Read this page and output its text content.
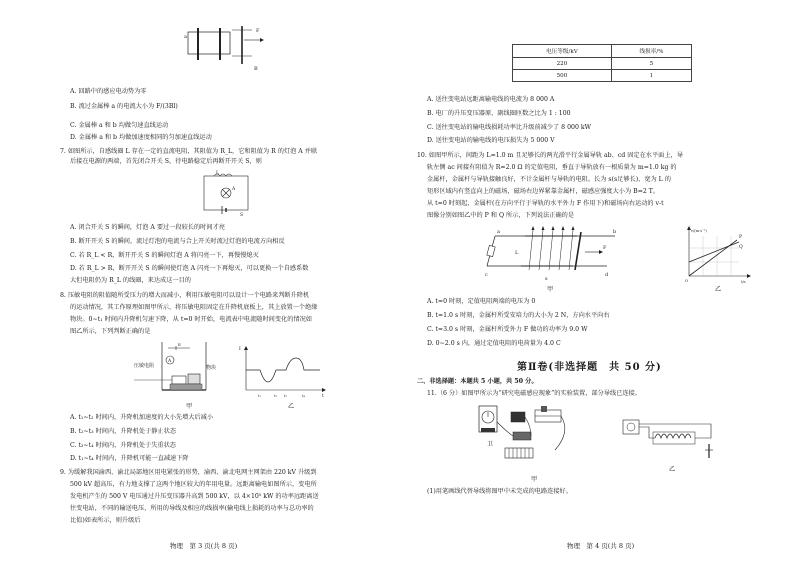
a
B
F
A. 回路中的感应电动势为零
B. 流过金属棒 a 的电流大小为 F/(3Bl)
C. 金属棒 a 和 b 均做匀速直线运动
D. 金属棒 a 和 b 均做加速度相同的匀加速直线运动
7. 如图所示，自感线圈 L 存在一定的直流电阻，其阻值为 R_L，它和阻值为 R 的灯泡 A 并联
后接在电源的两端，首先闭合开关 S，待电路稳定后再断开开关 S，则
L
A
S
A. 闭合开关 S 的瞬间，灯泡 A 要过一段较长的时间才亮
B. 断开开关 S 的瞬间，流过灯泡的电流与合上开关时流过灯泡的电流方向相反
C. 若 R_L < R，断开开关 S 的瞬间灯泡 A 将闪亮一下，再慢慢熄灭
D. 若 R_L > R，断开开关 S 的瞬间使灯泡 A 闪亮一下再熄灭，可以更换一个自感系数
大但电阻仍为 R_L 的线圈，来达成这一目的
8. 压敏电阻的阻值随所受压力的增大而减小，利用压敏电阻可以设计一个电路来判断升降机
的运动情况，其工作原理如图甲所示，将压敏电阻固定在升降机底板上，其上放置一个绝缘
物块。0~t₁ 时间内升降机匀速下降，从 t=0 时开始，电流表中电流随时间变化的情况如
图乙所示，下列判断正确的是
A
E
压敏电阻	物块
甲
I
t
t₁	t₂ t₃	t₄
乙
A. t₁~t₂ 时间内，升降机加速度的大小先增大后减小
B. t₂~t₃ 时间内，升降机处于静止状态
C. t₃~t₄ 时间内，升降机处于失重状态
D. t₁~t₄ 时间内，升降机可能一直减速下降
9. 为缓解我国渝西、渝北局部地区用电紧张的形势，渝西、渝北电网主网架由 220 kV 升级到
500 kV 超高压，有力地支撑了这两个地区较大的年用电量。远距离输电如图所示，变电所
发电机产生的 500 V 电压通过升压变压器升高到 500 kV，以 4×10⁵ kW 的功率远距离送
往变电站，不同的输送电压，所用的导线及相应的线损率(输电线上损耗的功率与总功率的
比值)如表所示，则升级后
物理　第 3 页(共 8 页)
电压等级/kV	线损率/%
220	5
500	1
A. 送往变电站远距离输电线的电流为 8 000 A
B. 电厂的升压变压器原、副线圈匝数之比为 1 : 100
C. 送往变电站的输电线损耗功率比升级前减少了 8 000 kW
D. 送往变电站的输电线的电压损失为 5 000 V
10. 如图甲所示，间距为 L=1.0 m 且足够长的两光滑平行金属导轨 ab、cd 固定在水平面上，导
轨左侧 ac 间接有阻值为 R=2.0 Ω 的定值电阻，垂直于导轨放有一根质量为 m=1.0 kg 的
金属杆，金属杆与导轨接触良好，不计金属杆与导轨的电阻。长为 s(s足够长)、宽为 L 的
矩形区域内有竖直向上的磁场，磁场右边界紧靠金属杆，磁感应强度大小为 B=2 T。
从 t=0 时刻起，金属杆(在方向平行于导轨的水平外力 F 作用下)和磁场向右运动的 v-t
图像分别如图乙中的 P 和 Q 所示，下列说法正确的是
a
c
b
d
s
F
L
甲
P
Q
v/(m·s⁻¹)
t/s
O
乙
A. t=0 时刻，定值电阻两端的电压为 0
B. t=1.0 s 时刻，金属杆所受安培力的大小为 2 N，方向水平向右
C. t=3.0 s 时刻，金属杆所受外力 F 做功的功率为 9.0 W
D. 0~2.0 s 内，通过定值电阻的电荷量为 4.0 C
第Ⅱ卷(非选择题　共 50 分)
二、非选择题：本题共 5 小题，共 50 分。
11.（6 分）如图甲所示为“研究电磁感应现象”的实验装置，部分导线已连接。
卫
甲
乙
(1)用笔画线代替导线将图甲中未完成的电路连接好。
物理　第 4 页(共 8 页)
